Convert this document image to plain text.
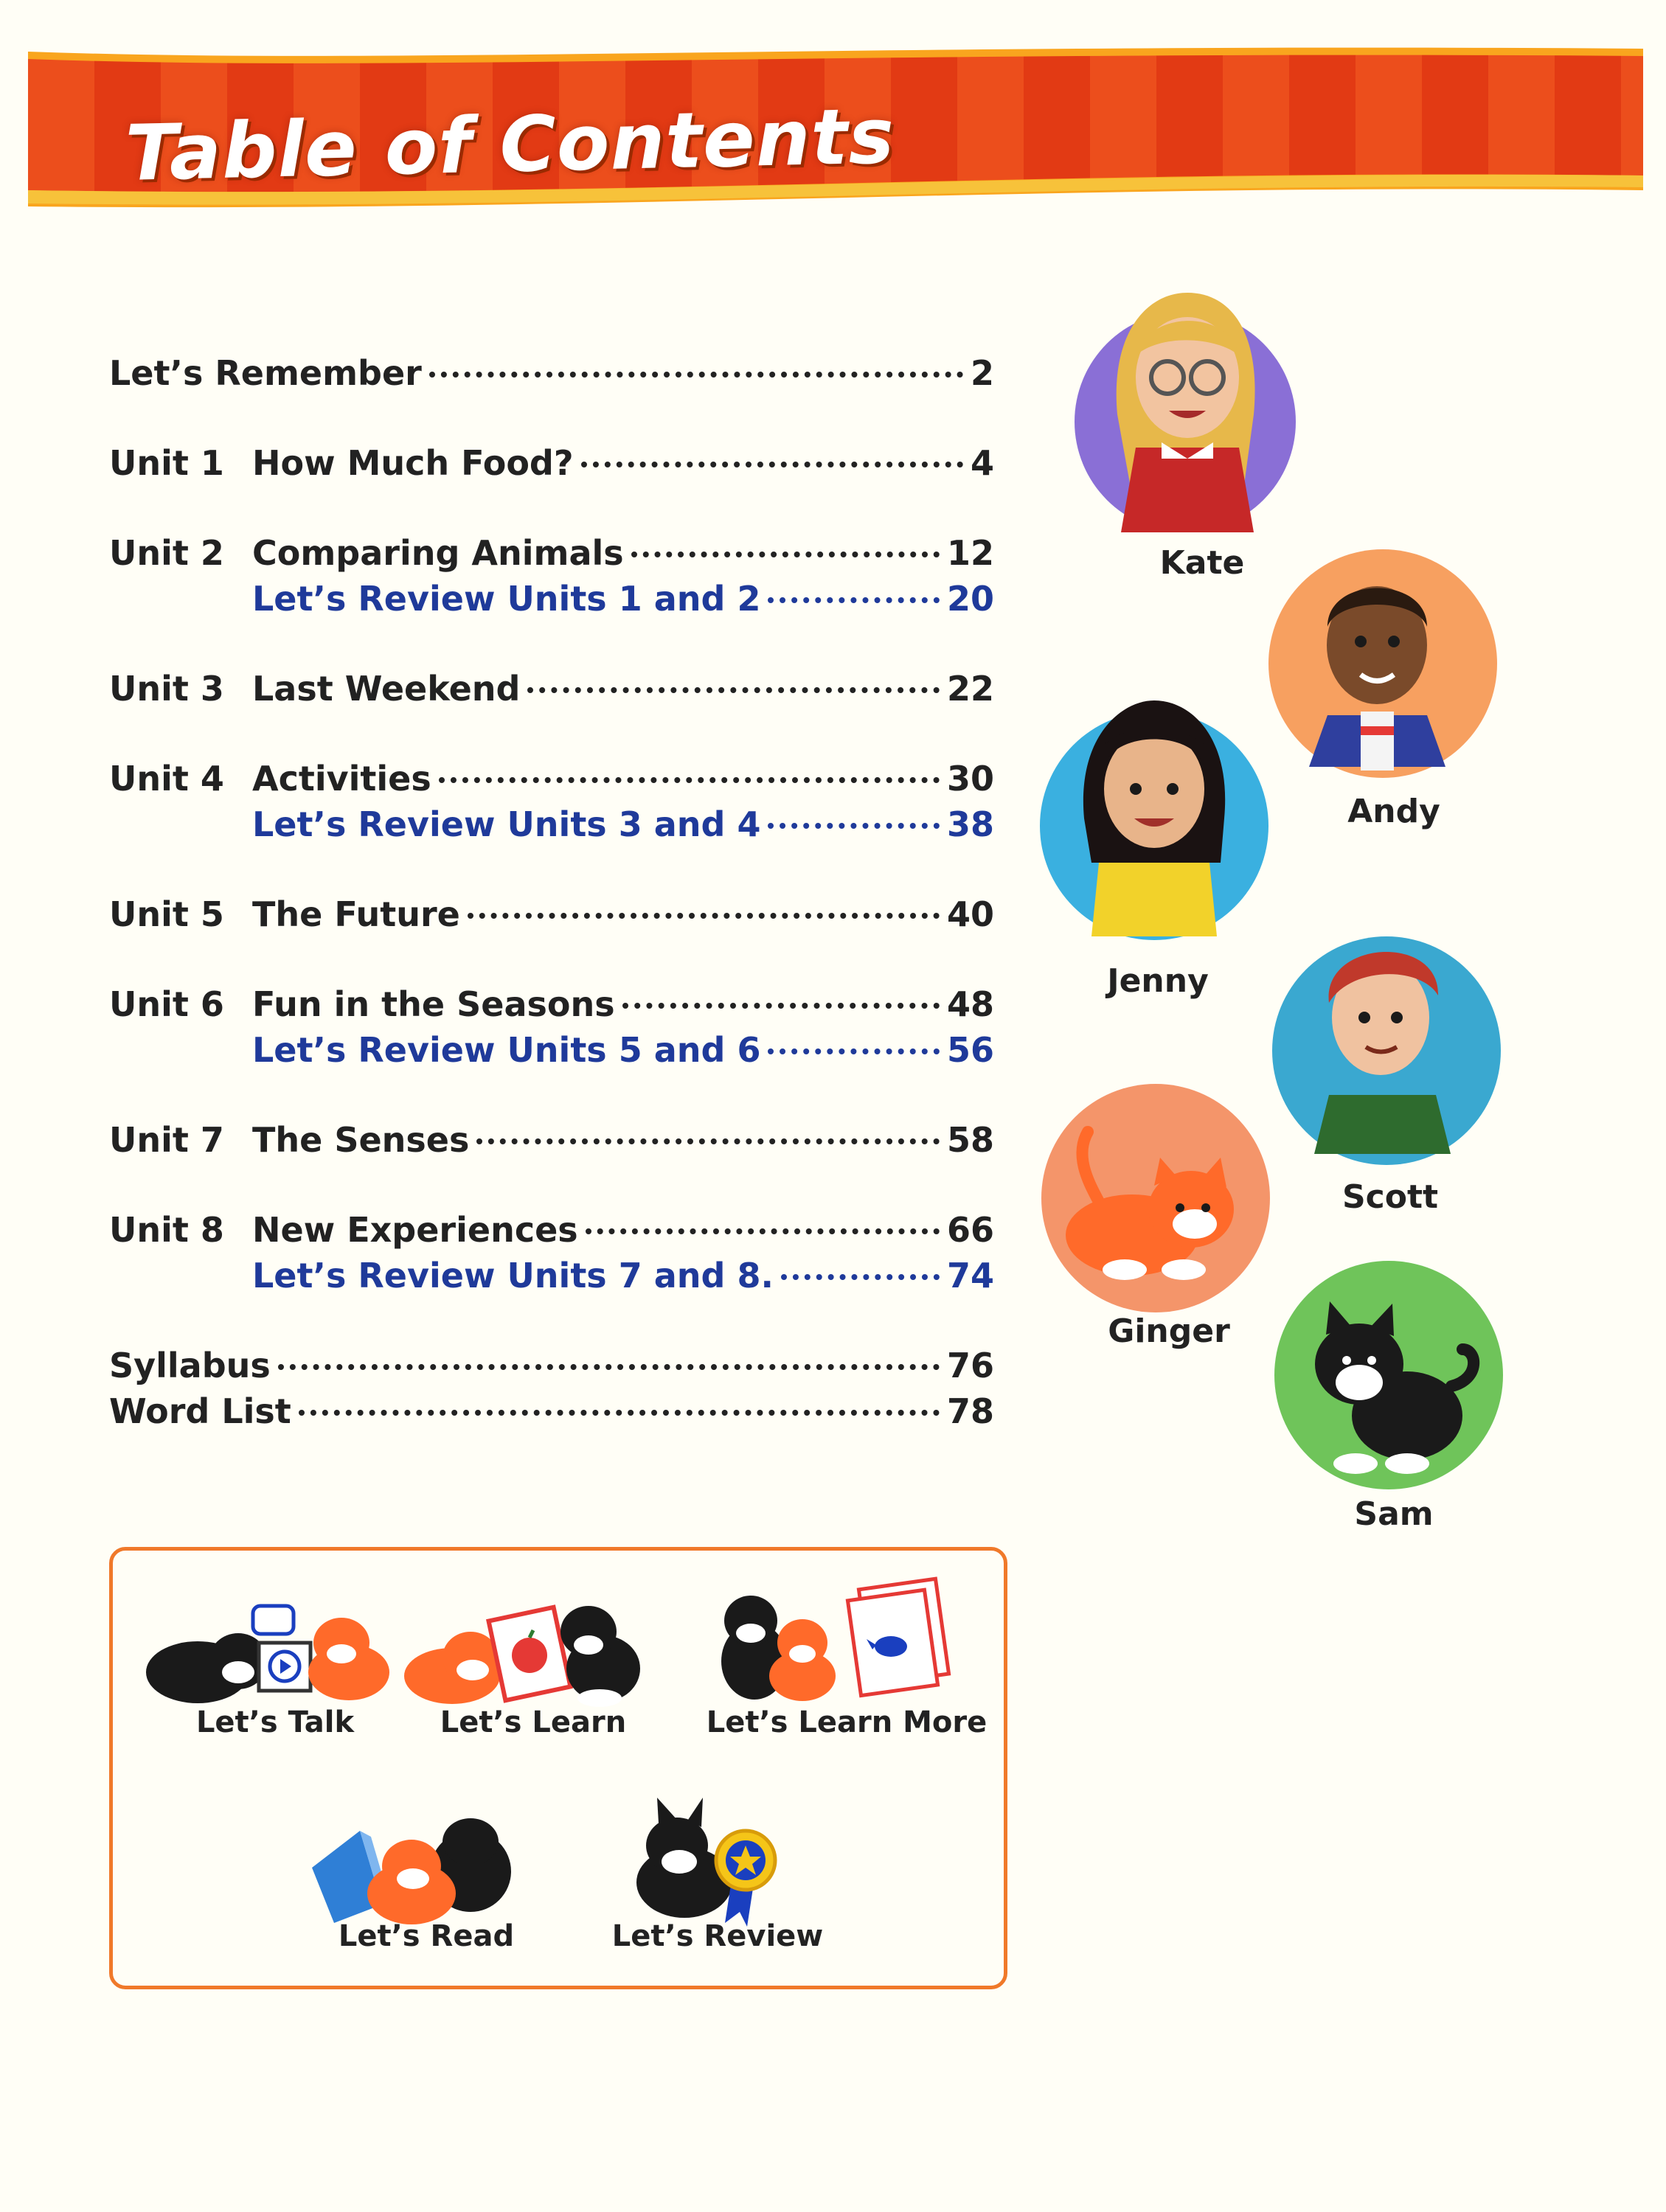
Table of Contents
Let’s Remember	2
Unit 1 How Much Food?	4
Unit 2 Comparing Animals	12
Let’s Review Units 1 and 2	20
Unit 3 Last Weekend	22
Unit 4 Activities	30
Let’s Review Units 3 and 4	38
Unit 5 The Future	40
Unit 6 Fun in the Seasons	48
Let’s Review Units 5 and 6	56
Unit 7 The Senses	58
Unit 8 New Experiences	66
Let’s Review Units 7 and 8.	74
Syllabus	76
Word List	78
Kate
Andy
Jenny
Scott
Ginger
Sam
Let’s Talk	Let’s Learn	Let’s Learn More
Let’s Read	Let’s Review
